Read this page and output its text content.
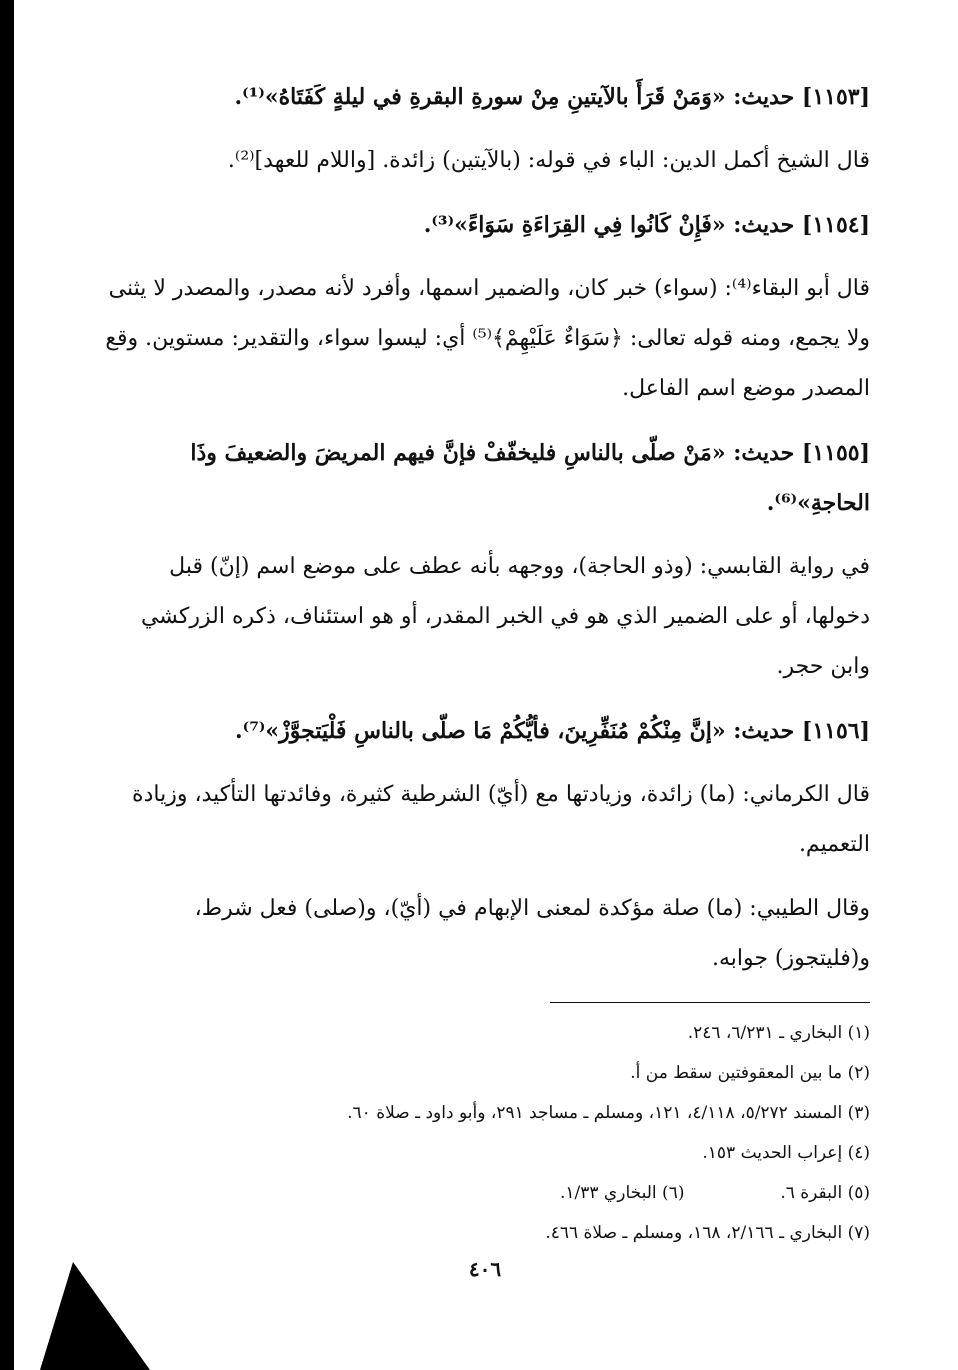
[١١٥٣] حديث: «وَمَنْ قَرَأَ بالآيتينِ مِنْ سورةِ البقرةِ في ليلةٍ كَفَتَاهُ»⁽¹⁾.

قال الشيخ أكمل الدين: الباء في قوله: (بالآيتين) زائدة. [واللام للعهد]⁽²⁾.

[١١٥٤] حديث: «فَإِنْ كَانُوا فِي القِرَاءَةِ سَوَاءً»⁽³⁾.

قال أبو البقاء⁽⁴⁾: (سواء) خبر كان، والضمير اسمها، وأفرد لأنه مصدر، والمصدر لا يثنى ولا يجمع، ومنه قوله تعالى: ﴿سَوَاءٌ عَلَيْهِمْ﴾⁽⁵⁾ أي: ليسوا سواء، والتقدير: مستوين. وقع المصدر موضع اسم الفاعل.

[١١٥٥] حديث: «مَنْ صلّى بالناسِ فليخفّفْ فإنَّ فيهم المريضَ والضعيفَ وذَا الحاجةِ»⁽⁶⁾.

في رواية القابسي: (وذو الحاجة)، ووجهه بأنه عطف على موضع اسم (إنّ) قبل دخولها، أو على الضمير الذي هو في الخبر المقدر، أو هو استئناف، ذكره الزركشي وابن حجر.

[١١٥٦] حديث: «إنَّ مِنْكُمْ مُنَفِّرِينَ، فأيُّكُمْ مَا صلّى بالناسِ فَلْيَتجوَّزْ»⁽⁷⁾.

قال الكرماني: (ما) زائدة، وزيادتها مع (أيّ) الشرطية كثيرة، وفائدتها التأكيد، وزيادة التعميم.

وقال الطيبي: (ما) صلة مؤكدة لمعنى الإبهام في (أيّ)، و(صلى) فعل شرط، و(فليتجوز) جوابه.

(١) البخاري ـ ٦/٢٣١، ٢٤٦.

(٢) ما بين المعقوفتين سقط من أ.

(٣) المسند ٥/٢٧٢، ٤/١١٨، ١٢١، ومسلم ـ مساجد ٢٩١، وأبو داود ـ صلاة ٦٠.

(٤) إعراب الحديث ١٥٣.

(٥) البقرة ٦.

(٦) البخاري ١/٣٣.

(٧) البخاري ـ ٢/١٦٦، ١٦٨، ومسلم ـ صلاة ٤٦٦.

٤٠٦
